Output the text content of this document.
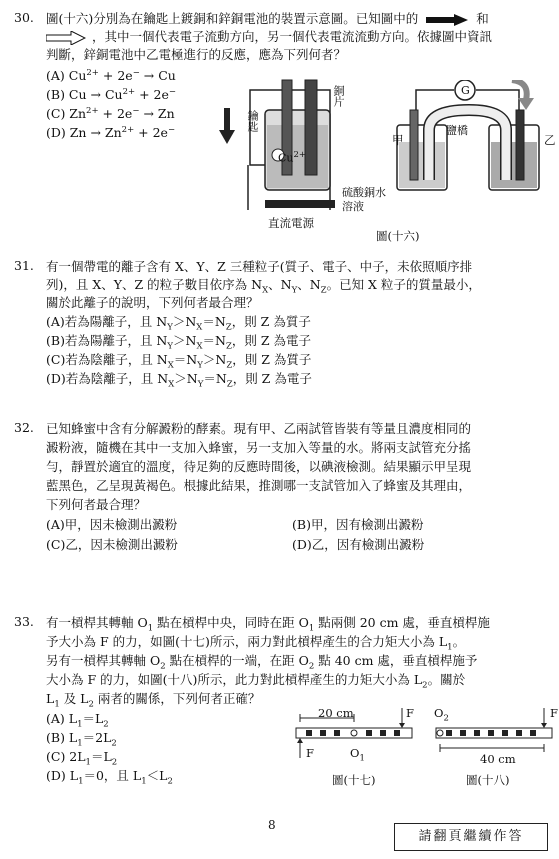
30. 圖(十六)分別為在鑰匙上鍍銅和鋅銅電池的裝置示意圖。已知圖中的	和
，其中一個代表電子流動方向，另一個代表電流流動方向。依據圖中資訊
判斷，鋅銅電池中乙電極進行的反應，應為下列何者？
(A) $Cu^{2+} + 2e^- \to Cu$
(B) $Cu \to Cu^{2+} + 2e^-$
(C) $Zn^{2+} + 2e^- \to Zn$
(D) $Zn \to Zn^{2+} + 2e^-$	鑰匙
銅片
$Cu^{2+}$
硫酸銅水溶液
直流電源
G
鹽橋
甲	乙
圖(十六)
31. 有一個帶電的離子含有 X、Y、Z 三種粒子(質子、電子、中子，未依照順序排
列)，且 X、Y、Z 的粒子數目依序為 $N_X$、$N_Y$、$N_Z$。已知 X 粒子的質量最小，
關於此離子的說明，下列何者最合理？
(A)若為陽離子，且 $N_Y>N_X=N_Z$，則 Z 為質子
(B)若為陽離子，且 $N_Y>N_X=N_Z$，則 Z 為電子
(C)若為陰離子，且 $N_X=N_Y>N_Z$，則 Z 為質子
(D)若為陰離子，且 $N_X>N_Y=N_Z$，則 Z 為電子
32. 已知蜂蜜中含有分解澱粉的酵素。現有甲、乙兩試管皆裝有等量且濃度相同的
澱粉液，隨機在其中一支加入蜂蜜，另一支加入等量的水。將兩支試管充分搖
勻，靜置於適宜的溫度，待足夠的反應時間後，以碘液檢測。結果顯示甲呈現
藍黑色，乙呈現黃褐色。根據此結果，推測哪一支試管加入了蜂蜜及其理由，
下列何者最合理？
(A)甲，因未檢測出澱粉	(B)甲，因有檢測出澱粉
(C)乙，因未檢測出澱粉	(D)乙，因有檢測出澱粉
33. 有一槓桿其轉軸 $O_1$ 點在槓桿中央，同時在距 $O_1$ 點兩側 20 cm 處，垂直槓桿施
予大小為 F 的力，如圖(十七)所示，兩力對此槓桿產生的合力矩大小為 $L_1$。
另有一槓桿其轉軸 $O_2$ 點在槓桿的一端，在距 $O_2$ 點 40 cm 處，垂直槓桿施予
大小為 F 的力，如圖(十八)所示，此力對此槓桿產生的力矩大小為 $L_2$。關於
$L_1$ 及 $L_2$ 兩者的關係，下列何者正確？
(A) $L_1=L_2$
(B) $L_1=2L_2$
(C) $2L_1=L_2$
(D) $L_1=0$，且 $L_1<L_2$
20 cm	F
F	$O_1$
圖(十七)
$O_2$	F
40 cm
圖(十八)
8
請翻頁繼續作答
